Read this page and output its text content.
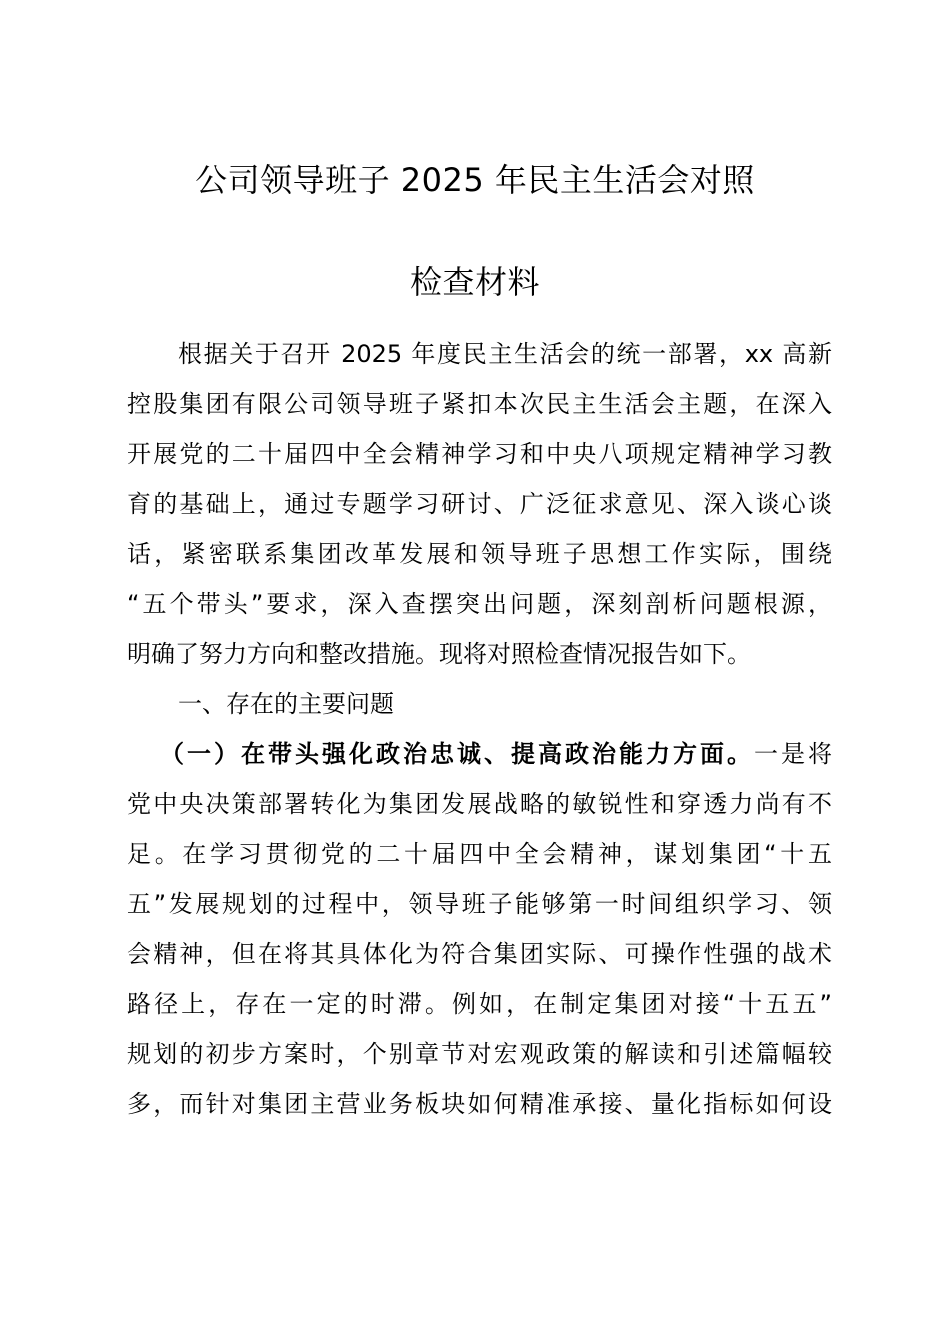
公司领导班子 2025 年民主生活会对照
检查材料
根据关于召开 2025 年度民主生活会的统一部署，xx 高新
控股集团有限公司领导班子紧扣本次民主生活会主题，在深入
开展党的二十届四中全会精神学习和中央八项规定精神学习教
育的基础上，通过专题学习研讨、广泛征求意见、深入谈心谈
话，紧密联系集团改革发展和领导班子思想工作实际，围绕
“五个带头”要求，深入查摆突出问题，深刻剖析问题根源，
明确了努力方向和整改措施。现将对照检查情况报告如下。
一、存在的主要问题
（一）在带头强化政治忠诚、提高政治能力方面。一是将
党中央决策部署转化为集团发展战略的敏锐性和穿透力尚有不
足。在学习贯彻党的二十届四中全会精神，谋划集团“十五
五”发展规划的过程中，领导班子能够第一时间组织学习、领
会精神，但在将其具体化为符合集团实际、可操作性强的战术
路径上，存在一定的时滞。例如，在制定集团对接“十五五”
规划的初步方案时，个别章节对宏观政策的解读和引述篇幅较
多，而针对集团主营业务板块如何精准承接、量化指标如何设
